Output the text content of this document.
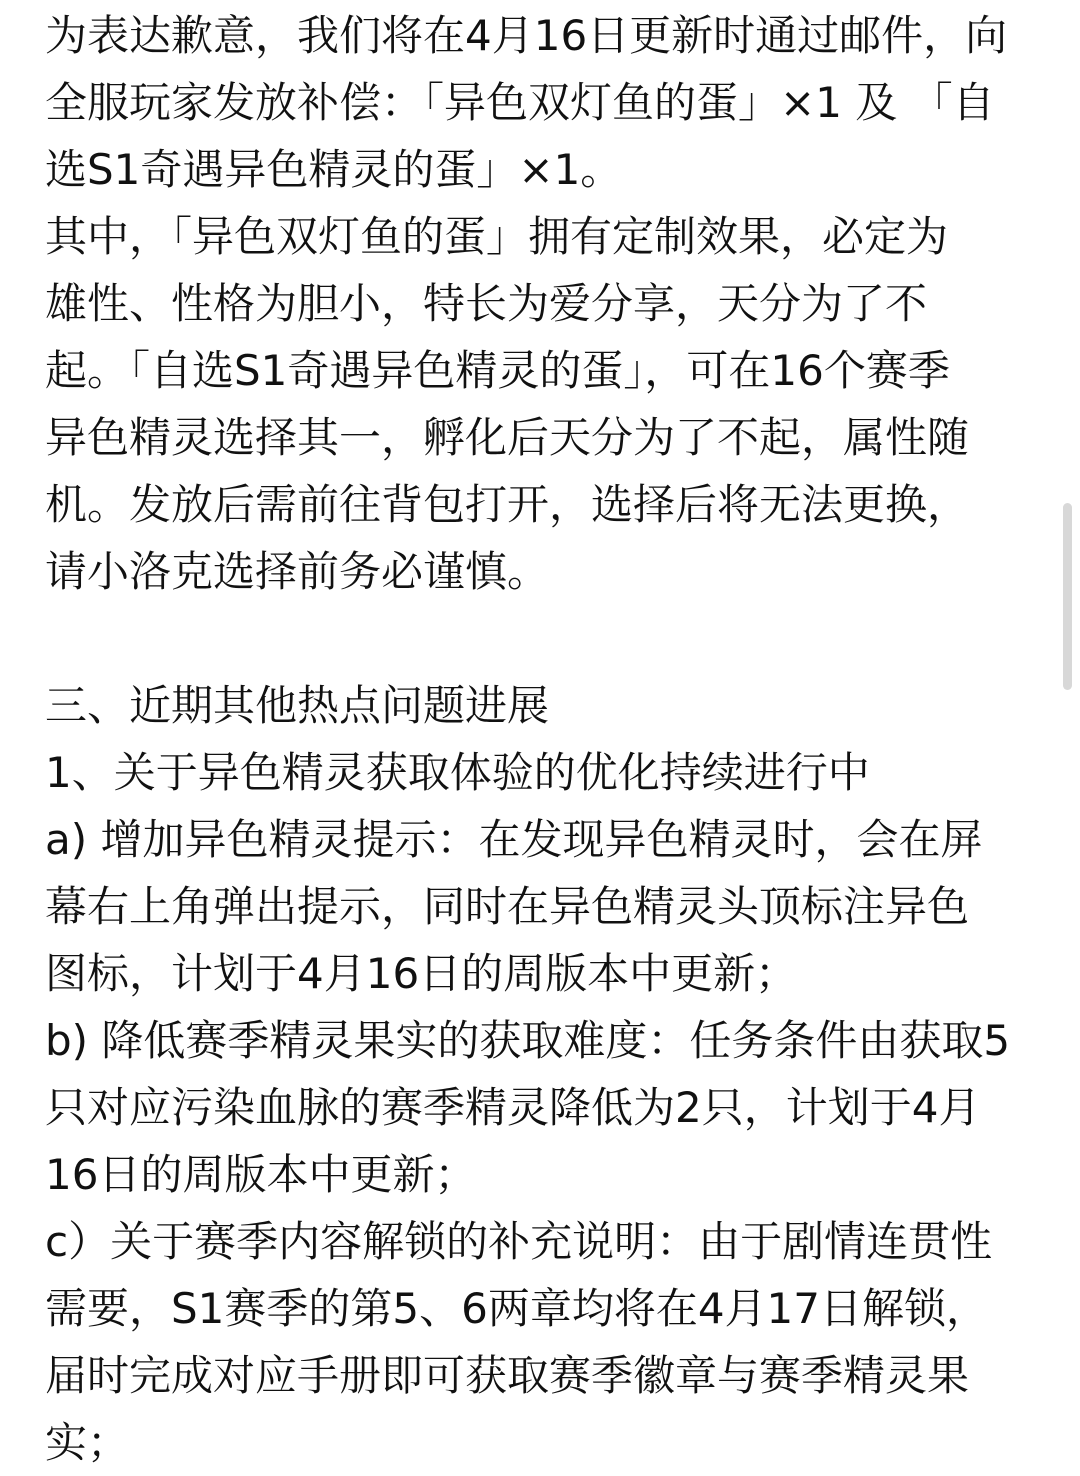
为表达歉意，我们将在4月16日更新时通过邮件，向
全服玩家发放补偿：「异色双灯鱼的蛋」×1 及 「自
选S1奇遇异色精灵的蛋」×1。
其中，「异色双灯鱼的蛋」拥有定制效果，必定为
雄性、性格为胆小，特长为爱分享，天分为了不
起。「自选S1奇遇异色精灵的蛋」，可在16个赛季
异色精灵选择其一，孵化后天分为了不起，属性随
机。发放后需前往背包打开，选择后将无法更换，
请小洛克选择前务必谨慎。
三、近期其他热点问题进展
1、关于异色精灵获取体验的优化持续进行中
a) 增加异色精灵提示：在发现异色精灵时，会在屏
幕右上角弹出提示，同时在异色精灵头顶标注异色
图标，计划于4月16日的周版本中更新；
b) 降低赛季精灵果实的获取难度：任务条件由获取5
只对应污染血脉的赛季精灵降低为2只，计划于4月
16日的周版本中更新；
c）关于赛季内容解锁的补充说明：由于剧情连贯性
需要，S1赛季的第5、6两章均将在4月17日解锁，
届时完成对应手册即可获取赛季徽章与赛季精灵果
实；
